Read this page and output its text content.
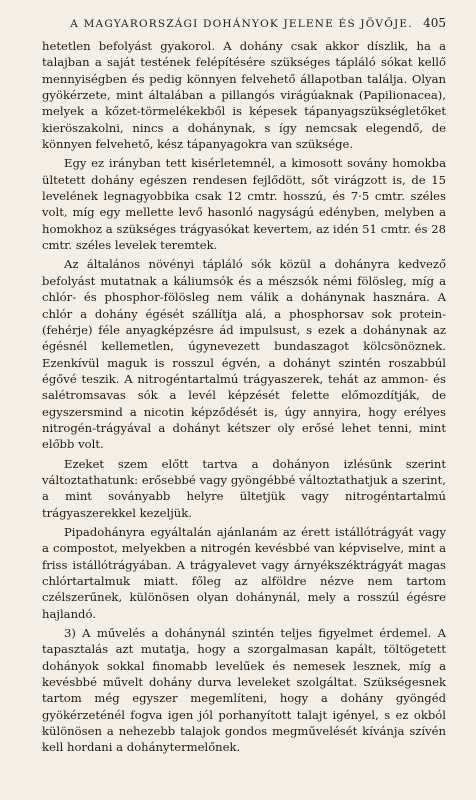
A MAGYARORSZÁGI DOHÁNYOK JELENE ÉS JÖVŐJE. 405

hetetlen befolyást gyakorol. A dohány csak akkor díszlik, ha a talajban a saját testének felépítésére szükséges tápláló sókat kellő mennyiségben és pedig könnyen felvehető állapotban találja. Olyan gyökérzete, mint általában a pillangós virágúaknak (Papilionacea), melyek a kőzet-törmelékekből is képesek tápanyagszükségletőket kieröszakolni, nincs a dohánynak, s így nemcsak elegendő, de könnyen felvehető, kész tápanyagokra van szüksége.

Egy ez irányban tett kisérletemnél, a kimosott sovány homokba ültetett dohány egészen rendesen fejlődött, sőt virágzott is, de 15 levelének legnagyobbika csak 12 cmtr. hosszú, és 7·5 cmtr. széles volt, míg egy mellette levő hasonló nagyságú edényben, melyben a homokhoz a szükséges trágyasókat kevertem, az idén 51 cmtr. és 28 cmtr. széles levelek teremtek.

Az általános növényi tápláló sók közül a dohányra kedvező befolyást mutatnak a káliumsók és a mészsók némi fölösleg, míg a chlór- és phosphor-fölösleg nem válik a dohánynak hasznára. A chlór a dohány égését szállítja alá, a phosphorsav sok protein- (fehérje) féle anyagképzésre ád impulsust, s ezek a dohánynak az égésnél kellemetlen, úgynevezett bundaszagot kölcsönöznek. Ezenkívül maguk is rosszul égvén, a dohányt szintén roszabbúl égővé teszik. A nitrogéntartalmú trágyaszerek, tehát az ammon- és salétromsavas sók a levél képzését felette előmozdítják, de egyszersmind a nicotin képződését is, úgy annyira, hogy erélyes nitrogén-trágyával a dohányt kétszer oly erősé lehet tenni, mint előbb volt.

Ezeket szem előtt tartva a dohányon izlésünk szerint változtathatunk: erősebbé vagy gyöngébbé változtathatjuk a szerint, a mint soványabb helyre ültetjük vagy nitrogéntartalmú trágyaszerekkel kezeljük.

Pipadohányra egyáltalán ajánlanám az érett istállótrágyát vagy a compostot, melyekben a nitrogén kevésbbé van képviselve, mint a friss istállótrágyában. A trágyalevet vagy árnyékszéktrágyát magas chlórtartalmuk miatt. főleg az alföldre nézve nem tartom czélszerűnek, különösen olyan dohánynál, mely a rosszúl égésre hajlandó.

3) A művelés a dohánynál szintén teljes figyelmet érdemel. A tapasztalás azt mutatja, hogy a szorgalmasan kapált, töltögetett dohányok sokkal finomabb levelűek és nemesek lesznek, míg a kevésbbé művelt dohány durva leveleket szolgáltat. Szükségesnek tartom még egyszer megemlíteni, hogy a dohány gyöngéd gyökérzeténél fogva igen jól porhanyított talajt igényel, s ez okból különösen a nehezebb talajok gondos megművelését kívánja szívén kell hordani a dohánytermelőnek.
